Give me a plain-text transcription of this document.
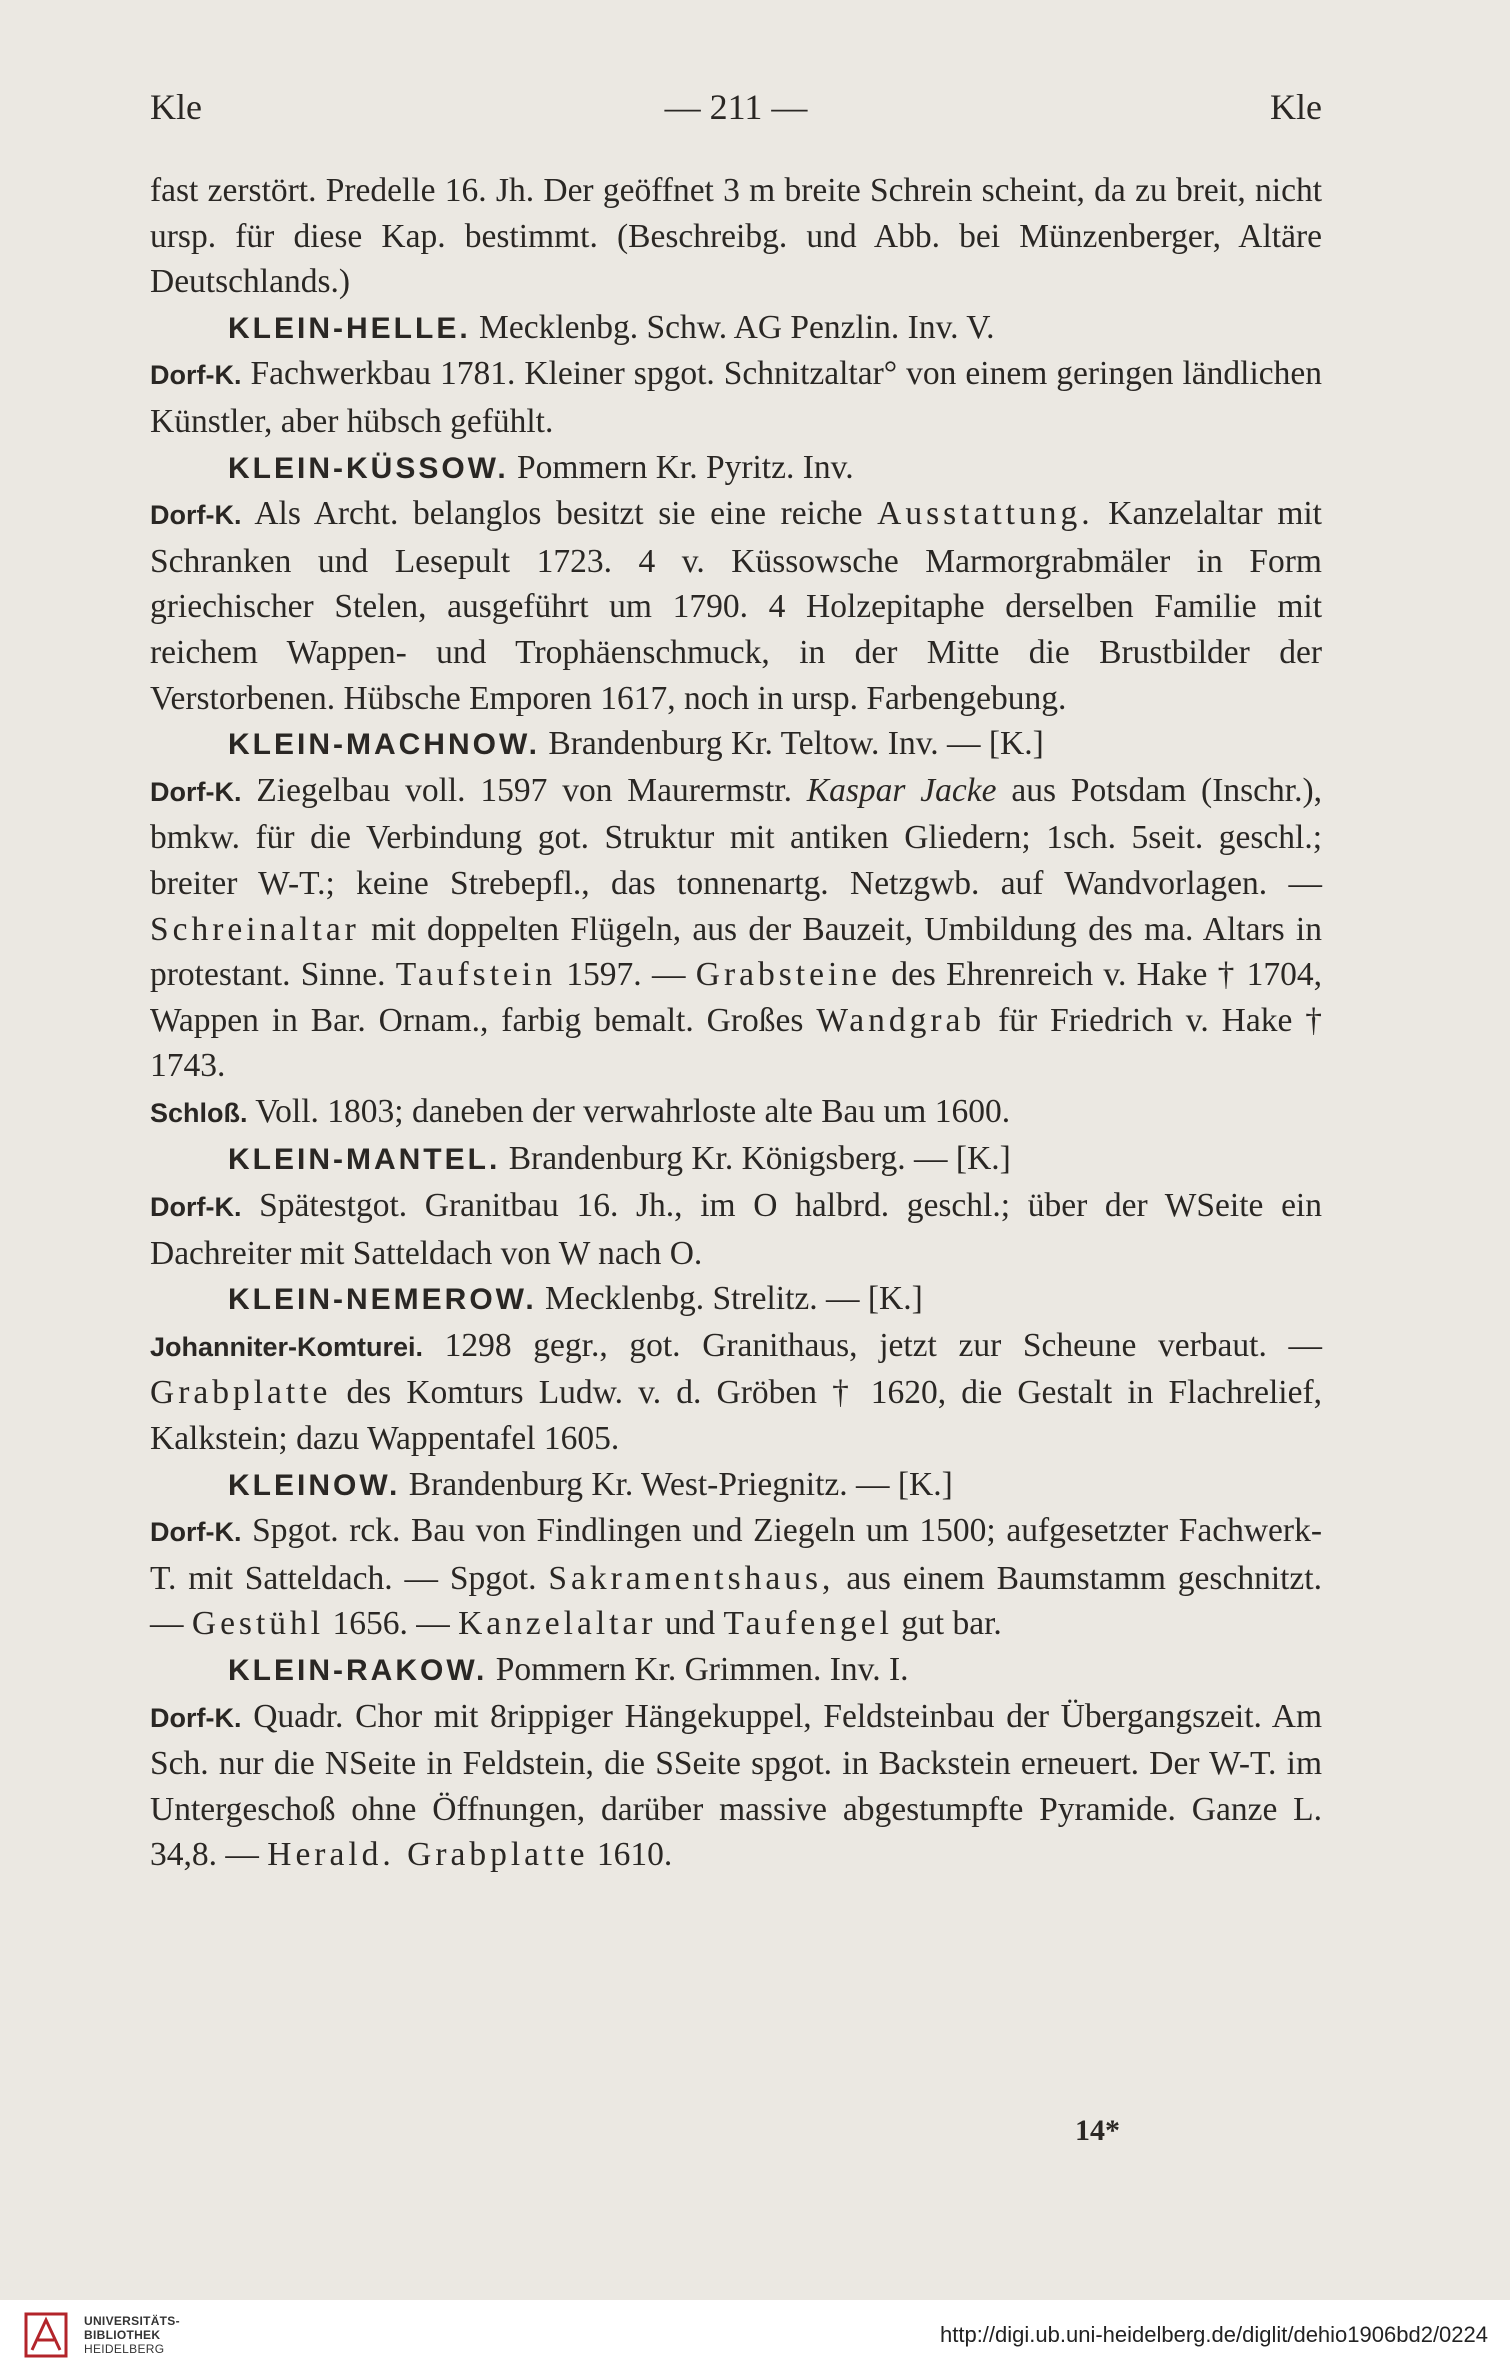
Kle	— 211 —	Kle

fast zerstört. Predelle 16. Jh. Der geöffnet 3 m breite Schrein scheint, da zu breit, nicht ursp. für diese Kap. bestimmt. (Beschreibg. und Abb. bei Münzenberger, Altäre Deutschlands.)

KLEIN-HELLE. Mecklenbg. Schw. AG Penzlin. Inv. V.

Dorf-K. Fachwerkbau 1781. Kleiner spgot. Schnitzaltar° von einem geringen ländlichen Künstler, aber hübsch gefühlt.

KLEIN-KÜSSOW. Pommern Kr. Pyritz. Inv.

Dorf-K. Als Archt. belanglos besitzt sie eine reiche Ausstattung. Kanzelaltar mit Schranken und Lesepult 1723. 4 v. Küssowsche Marmorgrabmäler in Form griechischer Stelen, ausgeführt um 1790. 4 Holzepitaphe derselben Familie mit reichem Wappen- und Trophäenschmuck, in der Mitte die Brustbilder der Verstorbenen. Hübsche Emporen 1617, noch in ursp. Farbengebung.

KLEIN-MACHNOW. Brandenburg Kr. Teltow. Inv. — [K.]

Dorf-K. Ziegelbau voll. 1597 von Maurermstr. Kaspar Jacke aus Potsdam (Inschr.), bmkw. für die Verbindung got. Struktur mit antiken Gliedern; 1sch. 5seit. geschl.; breiter W-T.; keine Strebepfl., das tonnenartg. Netzgwb. auf Wandvorlagen. — Schreinaltar mit doppelten Flügeln, aus der Bauzeit, Umbildung des ma. Altars in protestant. Sinne. Taufstein 1597. — Grabsteine des Ehrenreich v. Hake † 1704, Wappen in Bar. Ornam., farbig bemalt. Großes Wandgrab für Friedrich v. Hake † 1743.

Schloß. Voll. 1803; daneben der verwahrloste alte Bau um 1600.

KLEIN-MANTEL. Brandenburg Kr. Königsberg. — [K.]

Dorf-K. Spätestgot. Granitbau 16. Jh., im O halbrd. geschl.; über der WSeite ein Dachreiter mit Satteldach von W nach O.

KLEIN-NEMEROW. Mecklenbg. Strelitz. — [K.]

Johanniter-Komturei. 1298 gegr., got. Granithaus, jetzt zur Scheune verbaut. — Grabplatte des Komturs Ludw. v. d. Gröben † 1620, die Gestalt in Flachrelief, Kalkstein; dazu Wappentafel 1605.

KLEINOW. Brandenburg Kr. West-Priegnitz. — [K.]

Dorf-K. Spgot. rck. Bau von Findlingen und Ziegeln um 1500; aufgesetzter Fachwerk-T. mit Satteldach. — Spgot. Sakramentshaus, aus einem Baumstamm geschnitzt. — Gestühl 1656. — Kanzelaltar und Taufengel gut bar.

KLEIN-RAKOW. Pommern Kr. Grimmen. Inv. I.

Dorf-K. Quadr. Chor mit 8rippiger Hängekuppel, Feldsteinbau der Übergangszeit. Am Sch. nur die NSeite in Feldstein, die SSeite spgot. in Backstein erneuert. Der W-T. im Untergeschoß ohne Öffnungen, darüber massive abgestumpfte Pyramide. Ganze L. 34,8. — Herald. Grabplatte 1610.

14*
UNIVERSITÄTS-
BIBLIOTHEK
HEIDELBERG
http://digi.ub.uni-heidelberg.de/diglit/dehio1906bd2/0224
